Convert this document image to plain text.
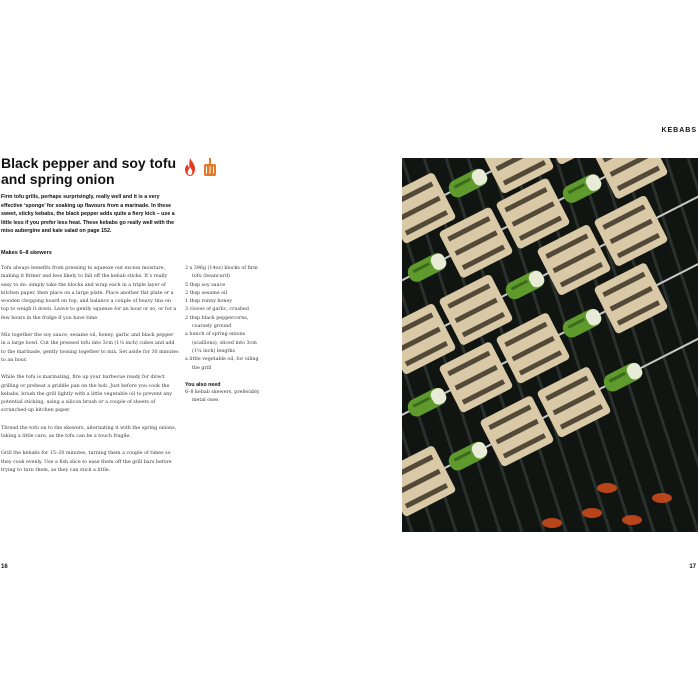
KEBABS
Black pepper and soy tofu and spring onion

Firm tofu grills, perhaps surprisingly, really well and it is a very effective ‘sponge’ for soaking up flavours from a marinade. In these sweet, sticky kebabs, the black pepper adds quite a fiery kick – use a little less if you prefer less heat. These kebabs go really well with the miso aubergine and kale salad on page 152.

Makes 6–8 skewers

Tofu always benefits from pressing to squeeze out excess moisture, making it firmer and less likely to fall off the kebab sticks. It’s really easy to do: simply take the blocks and wrap each in a triple layer of kitchen paper, then place on a large plate. Place another flat plate or a wooden chopping board on top, and balance a couple of heavy tins on top to weigh it down. Leave to gently squeeze for an hour or so, or for a few hours in the fridge if you have time.

Mix together the soy sauce, sesame oil, honey, garlic and black pepper in a large bowl. Cut the pressed tofu into 3cm (1¼ inch) cubes and add to the marinade, gently tossing together to mix. Set aside for 30 minutes to an hour.

While the tofu is marinating, fire up your barbecue ready for direct grilling or preheat a griddle pan on the hob. Just before you cook the kebabs, brush the grill lightly with a little vegetable oil to prevent any potential sticking, using a silicon brush or a couple of sheets of scrunched-up kitchen paper.

Thread the tofu on to the skewers, alternating it with the spring onions, taking a little care, as the tofu can be a touch fragile.

Grill the kebabs for 15–20 minutes, turning them a couple of times so they cook evenly. Use a fish slice to ease them off the grill bars before trying to turn them, as they can stick a little.

2 x 396g (14oz) blocks of firm
tofu (beancurd)
5 tbsp soy sauce
2 tbsp sesame oil
1 tbsp runny honey
3 cloves of garlic, crushed
2 tbsp black peppercorns,
coarsely ground
a bunch of spring onions
(scallions), sliced into 3cm
(1¼ inch) lengths
a little vegetable oil, for oiling
the grill
You also need
6–8 kebab skewers, preferably
metal ones
16	17
